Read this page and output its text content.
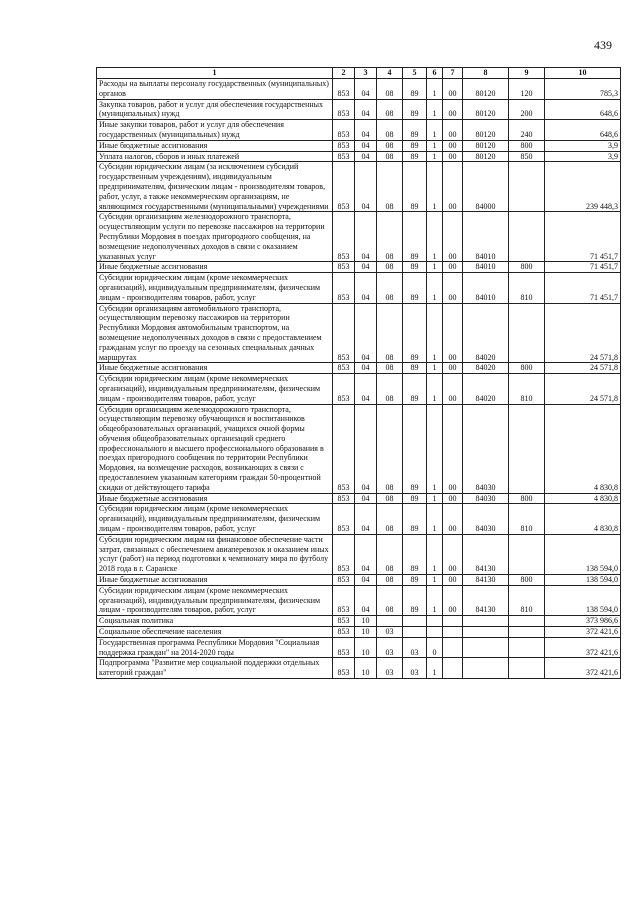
439
1	2	3	4	5	6	7	8	9	10
Расходы на выплаты персоналу государственных (муниципальных) органов	853	04	08	89	1	00	80120	120	785,3
Закупка товаров, работ и услуг для обеспечения государственных (муниципальных) нужд	853	04	08	89	1	00	80120	200	648,6
Иные закупки товаров, работ и услуг для обеспечения государственных (муниципальных) нужд	853	04	08	89	1	00	80120	240	648,6
Иные бюджетные ассигнования	853	04	08	89	1	00	80120	800	3,9
Уплата налогов, сборов и иных платежей	853	04	08	89	1	00	80120	850	3,9
Субсидии юридическим лицам (за исключением субсидий государственным учреждениям), индивидуальным предпринимателям, физическим лицам - производителям товаров, работ, услуг, а также некоммерческим организациям, не являющимся государственными (муниципальными) учреждениями	853	04	08	89	1	00	84000		239 448,3
Субсидии организациям железнодорожного транспорта, осуществляющим услуги по перевозке пассажиров на территории Республики Мордовия в поездах пригородного сообщения, на возмещение недополученных доходов в связи с оказанием указанных услуг	853	04	08	89	1	00	84010		71 451,7
Иные бюджетные ассигнования	853	04	08	89	1	00	84010	800	71 451,7
Субсидии юридическим лицам (кроме некоммерческих организаций), индивидуальным предпринимателям, физическим лицам - производителям товаров, работ, услуг	853	04	08	89	1	00	84010	810	71 451,7
Субсидии организациям автомобильного транспорта, осуществляющим перевозку пассажиров на территории Республики Мордовия автомобильным транспортом, на возмещение недополученных доходов в связи с предоставлением гражданам услуг по проезду на сезонных специальных дачных маршрутах	853	04	08	89	1	00	84020		24 571,8
Иные бюджетные ассигнования	853	04	08	89	1	00	84020	800	24 571,8
Субсидии юридическим лицам (кроме некоммерческих организаций), индивидуальным предпринимателям, физическим лицам - производителям товаров, работ, услуг	853	04	08	89	1	00	84020	810	24 571,8
Субсидии организациям железнодорожного транспорта, осуществляющим перевозку обучающихся и воспитанников общеобразовательных организаций, учащихся очной формы обучения общеобразовательных организаций среднего профессионального и высшего профессионального образования в поездах пригородного сообщения по территории Республики Мордовия, на возмещение расходов, возникающих в связи с предоставлением указанным категориям граждан 50-процентной скидки от действующего тарифа	853	04	08	89	1	00	84030		4 830,8
Иные бюджетные ассигнования	853	04	08	89	1	00	84030	800	4 830,8
Субсидии юридическим лицам (кроме некоммерческих организаций), индивидуальным предпринимателям, физическим лицам - производителям товаров, работ, услуг	853	04	08	89	1	00	84030	810	4 830,8
Субсидии юридическим лицам на финансовое обеспечение части затрат, связанных с обеспечением авиаперевозок и оказанием иных услуг (работ) на период подготовки к чемпионату мира по футболу 2018 года в г. Саранске	853	04	08	89	1	00	84130		138 594,0
Иные бюджетные ассигнования	853	04	08	89	1	00	84130	800	138 594,0
Субсидии юридическим лицам (кроме некоммерческих организаций), индивидуальным предпринимателям, физическим лицам - производителям товаров, работ, услуг	853	04	08	89	1	00	84130	810	138 594,0
Социальная политика	853	10							373 986,6
Социальное обеспечение населения	853	10	03						372 421,6
Государственная программа Республики Мордовия "Социальная поддержка граждан" на 2014-2020 годы	853	10	03	03	0				372 421,6
Подпрограмма "Развитие мер социальной поддержки отдельных категорий граждан"	853	10	03	03	1				372 421,6
